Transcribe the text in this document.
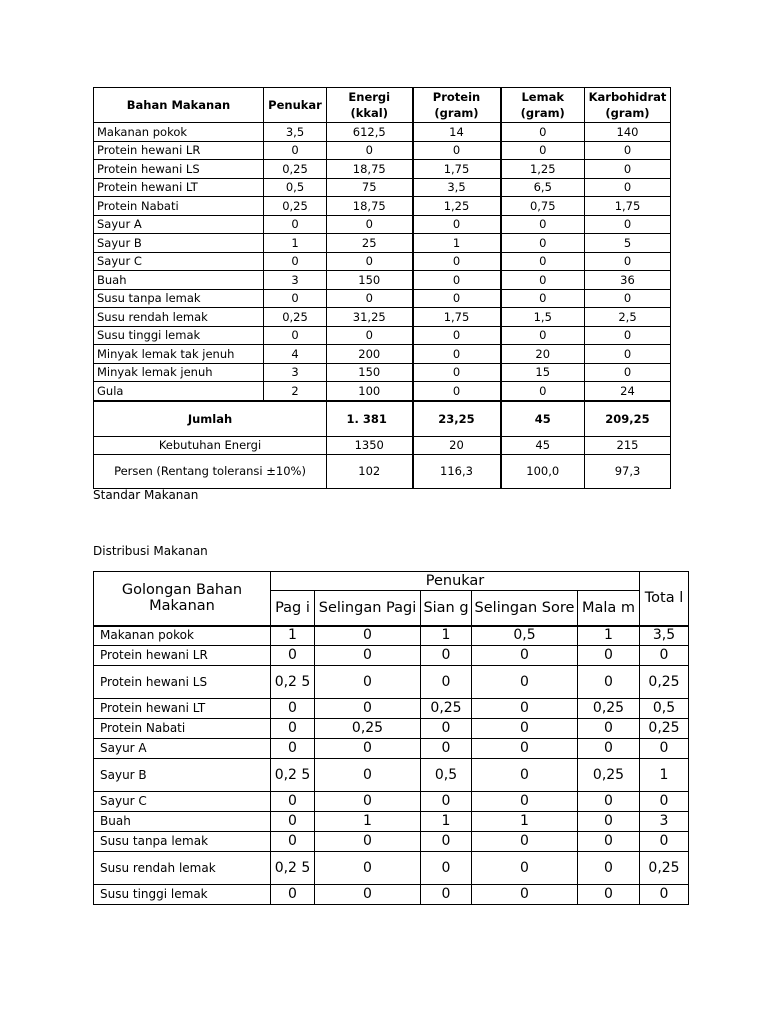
Bahan Makanan	Penukar	Energi (kkal)	Protein (gram)	Lemak (gram)	Karbohidrat (gram)
Makanan pokok	3,5	612,5	14	0	140
Protein hewani LR	0	0	0	0	0
Protein hewani LS	0,25	18,75	1,75	1,25	0
Protein hewani LT	0,5	75	3,5	6,5	0
Protein Nabati	0,25	18,75	1,25	0,75	1,75
Sayur A	0	0	0	0	0
Sayur B	1	25	1	0	5
Sayur C	0	0	0	0	0
Buah	3	150	0	0	36
Susu tanpa lemak	0	0	0	0	0
Susu rendah lemak	0,25	31,25	1,75	1,5	2,5
Susu tinggi lemak	0	0	0	0	0
Minyak lemak tak jenuh	4	200	0	20	0
Minyak lemak jenuh	3	150	0	15	0
Gula	2	100	0	0	24
Jumlah		1. 381	23,25	45	209,25
Kebutuhan Energi		1350	20	45	215
Persen (Rentang toleransi ±10%)		102	116,3	100,0	97,3
Standar Makanan
Distribusi Makanan
Golongan Bahan Makanan	Penukar					Tota l
	Pag i	Selingan Pagi	Sian g	Selingan Sore	Mala m	
Makanan pokok	1	0	1	0,5	1	3,5
Protein hewani LR	0	0	0	0	0	0
Protein hewani LS	0,2 5	0	0	0	0	0,25
Protein hewani LT	0	0	0,25	0	0,25	0,5
Protein Nabati	0	0,25	0	0	0	0,25
Sayur A	0	0	0	0	0	0
Sayur B	0,2 5	0	0,5	0	0,25	1
Sayur C	0	0	0	0	0	0
Buah	0	1	1	1	0	3
Susu tanpa lemak	0	0	0	0	0	0
Susu rendah lemak	0,2 5	0	0	0	0	0,25
Susu tinggi lemak	0	0	0	0	0	0
